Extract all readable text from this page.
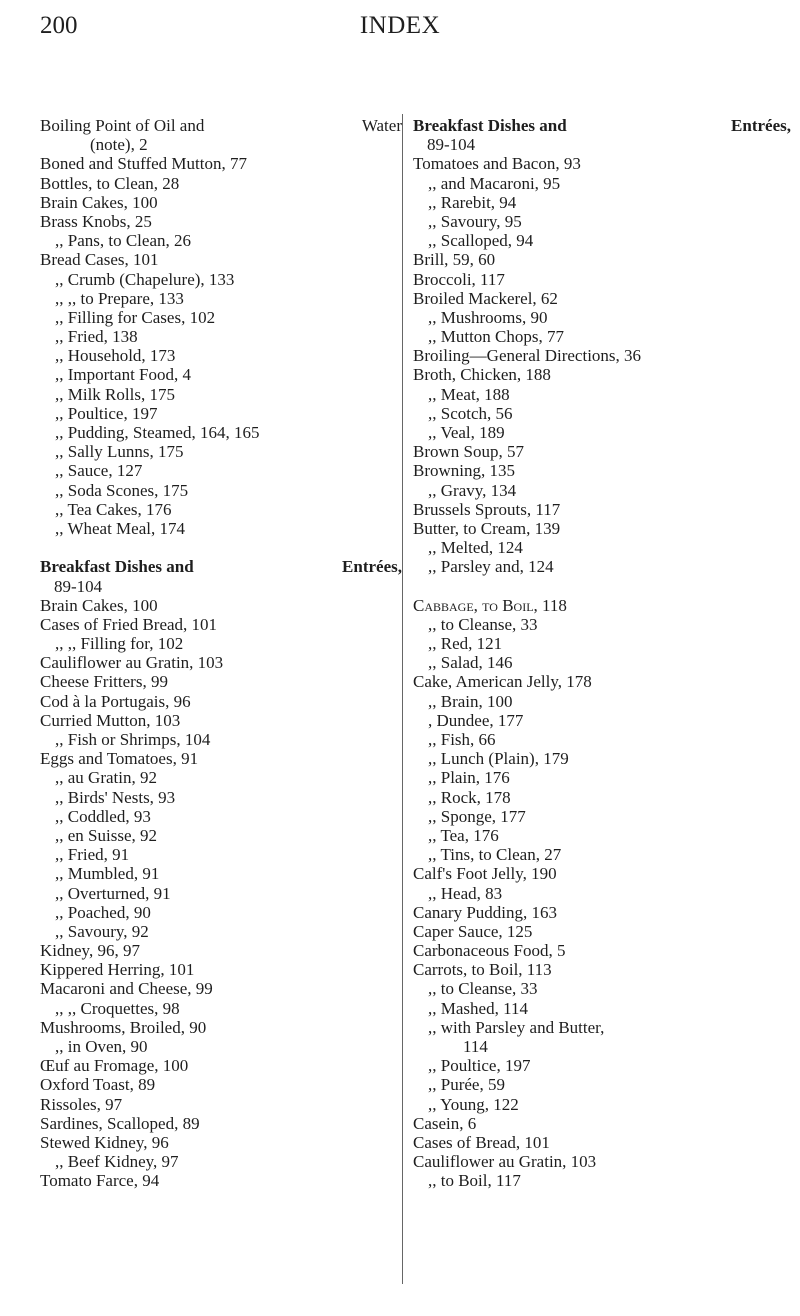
200	INDEX
Boiling Point of Oil and	Water
(note), 2
Boned and Stuffed Mutton, 77
Bottles, to Clean, 28
Brain Cakes, 100
Brass Knobs, 25
,, Pans, to Clean, 26
Bread Cases, 101
,, Crumb (Chapelure), 133
,, ,, to Prepare, 133
,, Filling for Cases, 102
,, Fried, 138
,, Household, 173
,, Important Food, 4
,, Milk Rolls, 175
,, Poultice, 197
,, Pudding, Steamed, 164, 165
,, Sally Lunns, 175
,, Sauce, 127
,, Soda Scones, 175
,, Tea Cakes, 176
,, Wheat Meal, 174
Breakfast Dishes and	Entrées,
89-104
Brain Cakes, 100
Cases of Fried Bread, 101
,, ,, Filling for, 102
Cauliflower au Gratin, 103
Cheese Fritters, 99
Cod à la Portugais, 96
Curried Mutton, 103
,, Fish or Shrimps, 104
Eggs and Tomatoes, 91
,, au Gratin, 92
,, Birds' Nests, 93
,, Coddled, 93
,, en Suisse, 92
,, Fried, 91
,, Mumbled, 91
,, Overturned, 91
,, Poached, 90
,, Savoury, 92
Kidney, 96, 97
Kippered Herring, 101
Macaroni and Cheese, 99
,, ,, Croquettes, 98
Mushrooms, Broiled, 90
,, in Oven, 90
Œuf au Fromage, 100
Oxford Toast, 89
Rissoles, 97
Sardines, Scalloped, 89
Stewed Kidney, 96
,, Beef Kidney, 97
Tomato Farce, 94
Breakfast Dishes and	Entrées,
89-104
Tomatoes and Bacon, 93
,, and Macaroni, 95
,, Rarebit, 94
,, Savoury, 95
,, Scalloped, 94
Brill, 59, 60
Broccoli, 117
Broiled Mackerel, 62
,, Mushrooms, 90
,, Mutton Chops, 77
Broiling—General Directions, 36
Broth, Chicken, 188
,, Meat, 188
,, Scotch, 56
,, Veal, 189
Brown Soup, 57
Browning, 135
,, Gravy, 134
Brussels Sprouts, 117
Butter, to Cream, 139
,, Melted, 124
,, Parsley and, 124
Cabbage, to Boil, 118
,, to Cleanse, 33
,, Red, 121
,, Salad, 146
Cake, American Jelly, 178
,, Brain, 100
, Dundee, 177
,, Fish, 66
,, Lunch (Plain), 179
,, Plain, 176
,, Rock, 178
,, Sponge, 177
,, Tea, 176
,, Tins, to Clean, 27
Calf's Foot Jelly, 190
,, Head, 83
Canary Pudding, 163
Caper Sauce, 125
Carbonaceous Food, 5
Carrots, to Boil, 113
,, to Cleanse, 33
,, Mashed, 114
,, with Parsley and Butter,
114
,, Poultice, 197
,, Purée, 59
,, Young, 122
Casein, 6
Cases of Bread, 101
Cauliflower au Gratin, 103
,, to Boil, 117
